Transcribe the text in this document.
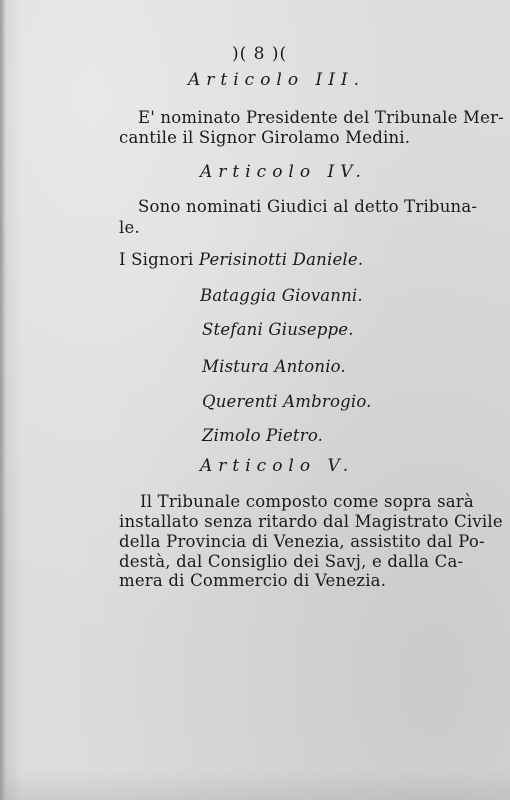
)( 8 )(
Articolo III.
E' nominato Presidente del Tribunale Mer-
cantile il Signor Girolamo Medini.
Articolo IV.
Sono nominati Giudici al detto Tribuna-
le.
I Signori Perisinotti Daniele.
Bataggia Giovanni.
Stefani Giuseppe.
Mistura Antonio.
Querenti Ambrogio.
Zimolo Pietro.
Articolo V.
Il Tribunale composto come sopra sarà
installato senza ritardo dal Magistrato Civile
della Provincia di Venezia, assistito dal Po-
destà, dal Consiglio dei Savj, e dalla Ca-
mera di Commercio di Venezia.
